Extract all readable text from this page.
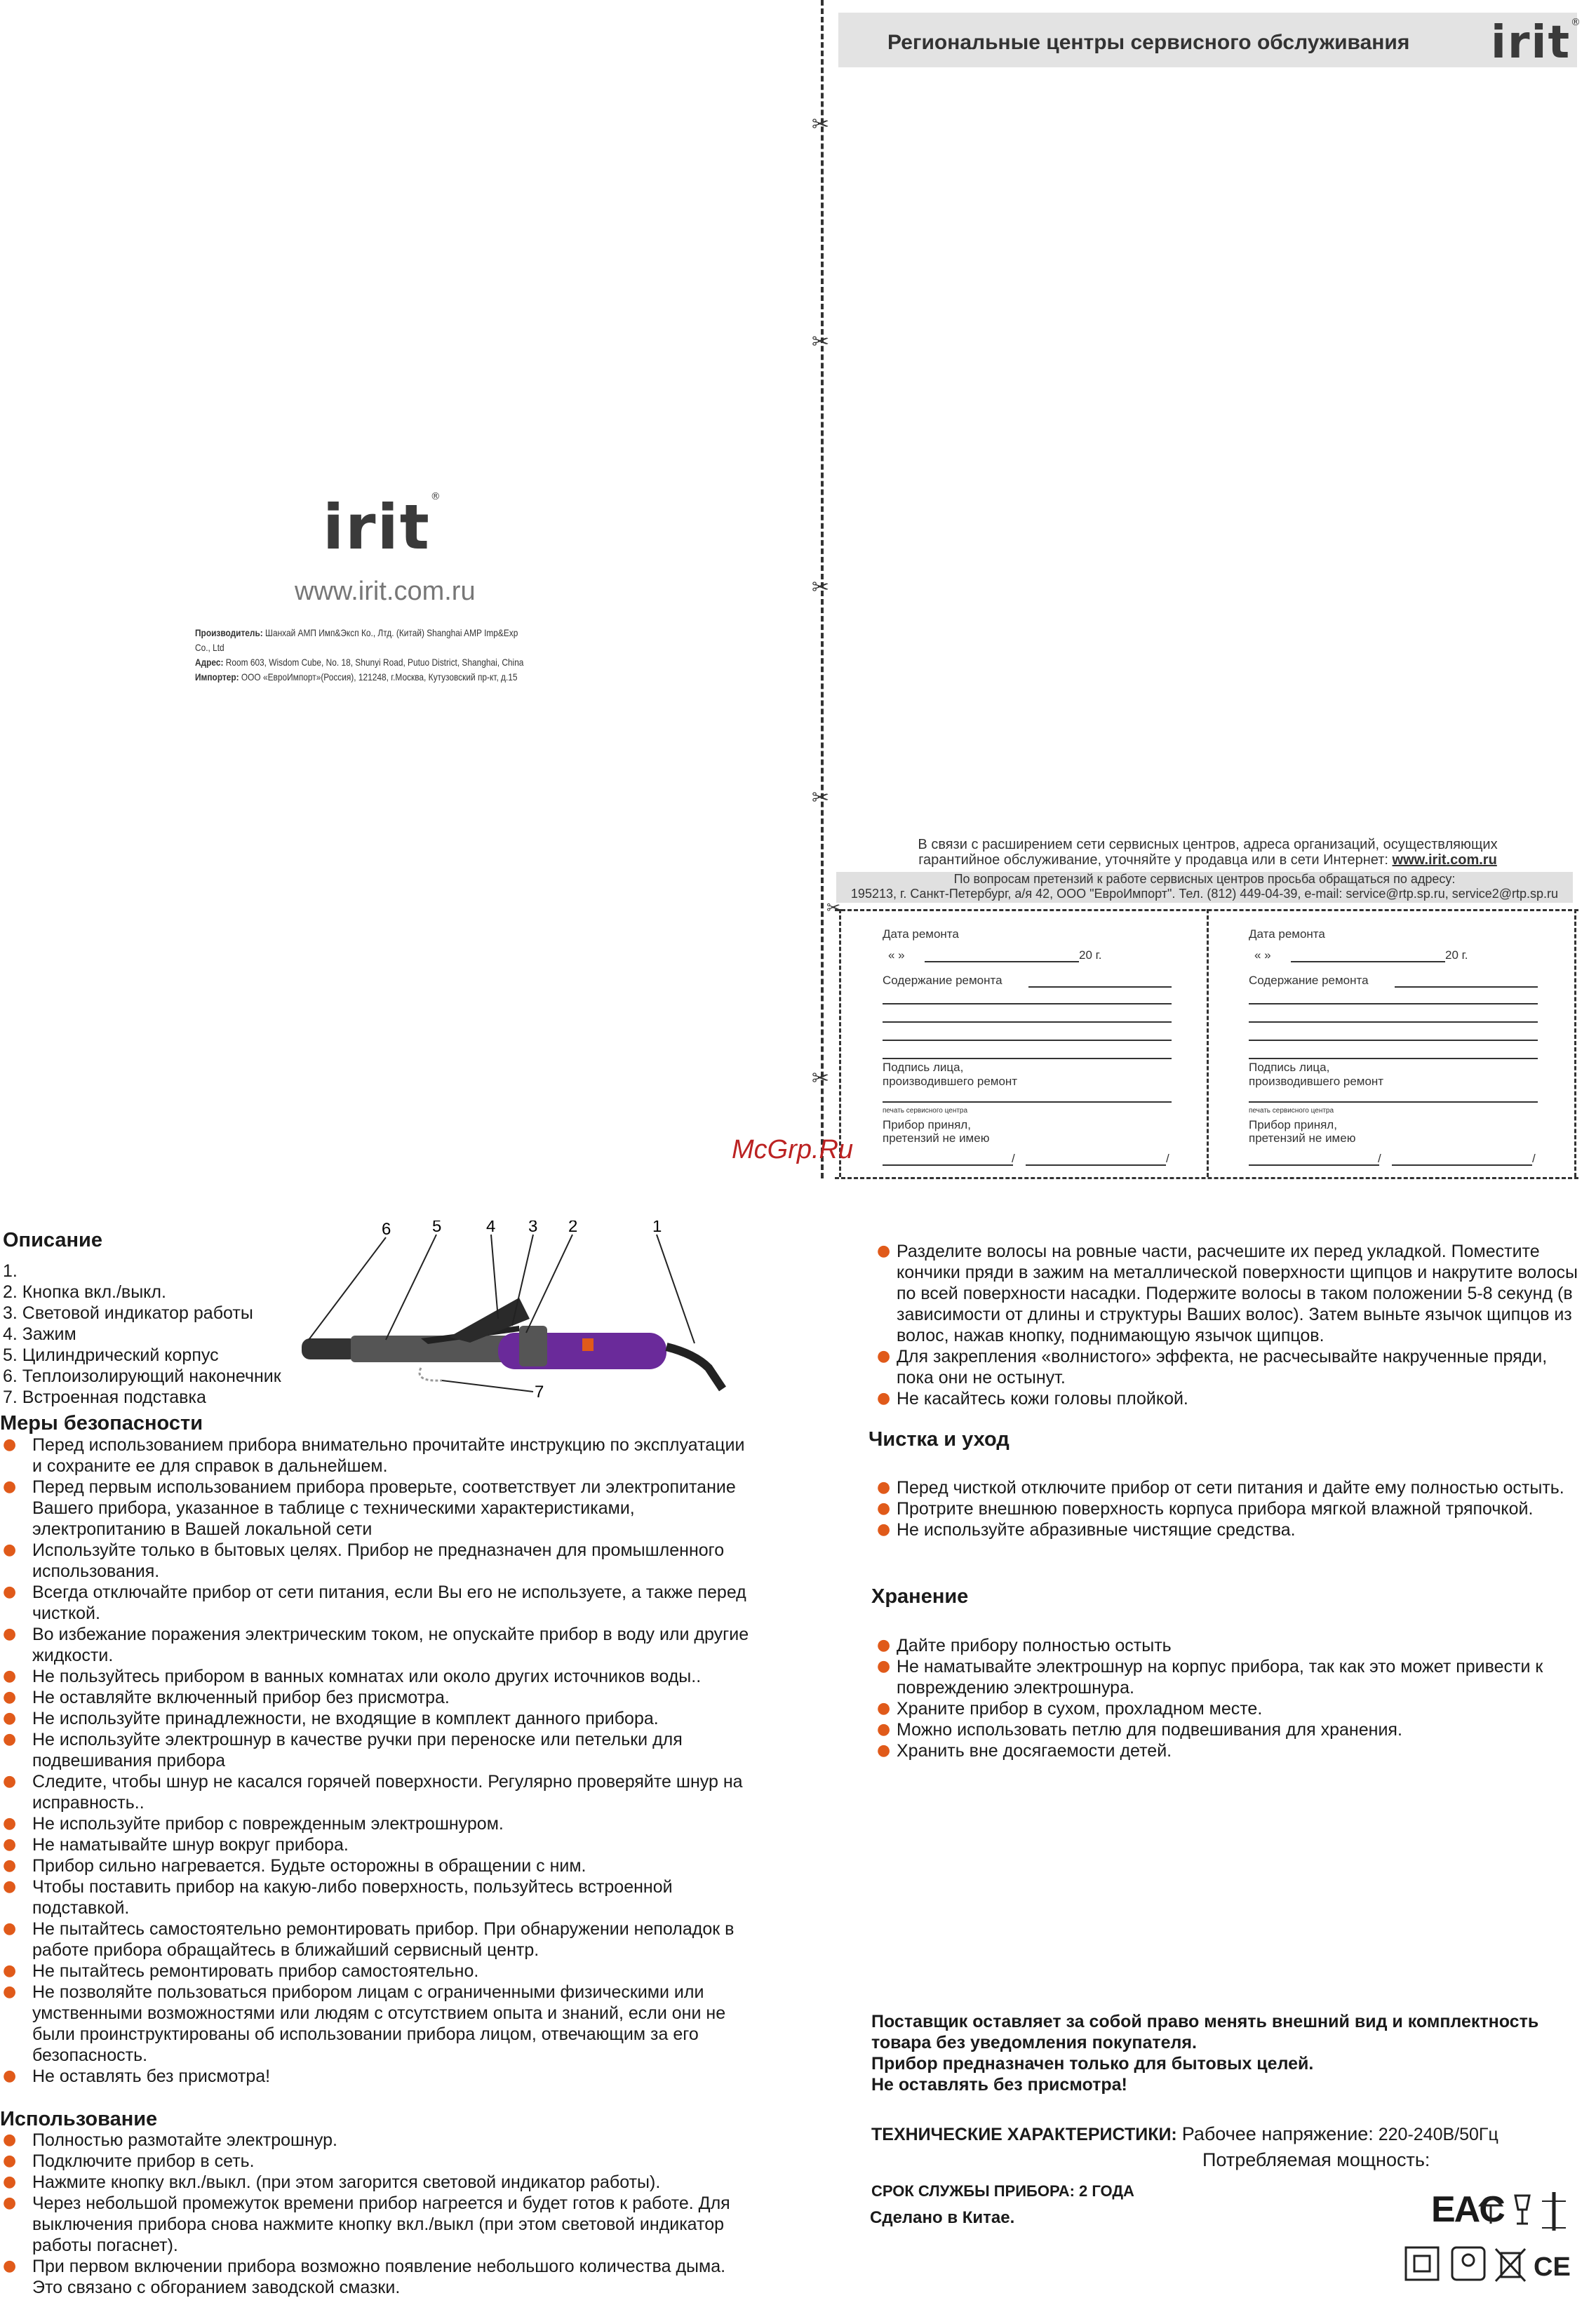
Региональные центры сервисного обслуживания irit®
✂
✂
✂
✂
✂
irit®
www.irit.com.ru
Производитель: Шанхай АМП Имп&Эксп Ко., Лтд. (Китай) Shanghai AMP Imp&Exp Co., Ltd
Адрес: Room 603, Wisdom Cube, No. 18, Shunyi Road, Putuo District, Shanghai, China
Импортер: ООО «ЕвроИмпорт»(Россия), 121248, г.Москва, Кутузовский пр-кт, д.15
В связи с расширением сети сервисных центров, адреса организаций, осуществляющих
гарантийное обслуживание, уточняйте у продавца или в сети Интернет: www.irit.com.ru
По вопросам претензий к работе сервисных центров просьба обращаться по адресу:
195213, г. Санкт-Петербург, а/я 42, ООО "ЕвроИмпорт". Тел. (812) 449-04-39, e-mail: service@rtp.sp.ru, service2@rtp.sp.ru
✂
Дата ремонта
« »	20 г.
Содержание ремонта
Подпись лица,
производившего ремонт
печать сервисного центра
Прибор принял,
претензий не имею
/	/
Дата ремонта
« »	20 г.
Содержание ремонта
Подпись лица,
производившего ремонт
печать сервисного центра
Прибор принял,
претензий не имею
/	/
McGrp.Ru
Описание
1.
2. Кнопка вкл./выкл.
3. Световой индикатор работы
4. Зажим
5. Цилиндрический корпус
6. Теплоизолирующий наконечник
7. Встроенная подставка
6 5	4 3 2	1
7
Меры безопасности
● Перед использованием прибора внимательно прочитайте инструкцию по эксплуатации и сохраните ее для справок в дальнейшем.
● Перед первым использованием прибора проверьте, соответствует ли электропитание Вашего прибора, указанное в таблице с техническими характеристиками, электропитанию в Вашей локальной сети
● Используйте только в бытовых целях. Прибор не предназначен для промышленного использования.
● Всегда отключайте прибор от сети питания, если Вы его не используете, а также перед чисткой.
● Во избежание поражения электрическим током, не опускайте прибор в воду или другие жидкости.
● Не пользуйтесь прибором в ванных комнатах или около других источников воды..
● Не оставляйте включенный прибор без присмотра.
● Не используйте принадлежности, не входящие в комплект данного прибора.
● Не используйте электрошнур в качестве ручки при переноске или петельки для подвешивания прибора
● Следите, чтобы шнур не касался горячей поверхности. Регулярно проверяйте шнур на исправность..
● Не используйте прибор с поврежденным электрошнуром.
● Не наматывайте шнур вокруг прибора.
● Прибор сильно нагревается. Будьте осторожны в обращении с ним.
● Чтобы поставить прибор на какую-либо поверхность, пользуйтесь встроенной подставкой.
● Не пытайтесь самостоятельно ремонтировать прибор. При обнаружении неполадок в работе прибора обращайтесь в ближайший сервисный центр.
● Не пытайтесь ремонтировать прибор самостоятельно.
● Не позволяйте пользоваться прибором лицам с ограниченными физическими или умственными возможностями или людям с отсутствием опыта и знаний, если они не были проинструктированы об использовании прибора лицом, отвечающим за его безопасность.
● Не оставлять без присмотра!
Использование
● Полностью размотайте электрошнур.
● Подключите прибор в сеть.
● Нажмите кнопку вкл./выкл. (при этом загорится световой индикатор работы).
● Через небольшой промежуток времени прибор нагреется и будет готов к работе. Для выключения прибора снова нажмите кнопку вкл./выкл (при этом световой индикатор работы погаснет).
● При первом включении прибора возможно появление небольшого количества дыма. Это связано с обгоранием заводской смазки.
● Разделите волосы на ровные части, расчешите их перед укладкой. Поместите кончики пряди в зажим на металлической поверхности щипцов и накрутите волосы по всей поверхности насадки. Подержите волосы в таком положении 5-8 секунд (в зависимости от длины и структуры Ваших волос). Затем выньте язычок щипцов из волос, нажав кнопку, поднимающую язычок щипцов.
● Для закрепления «волнистого» эффекта, не расчесывайте накрученные пряди, пока они не остынут.
● Не касайтесь кожи головы плойкой.
Чистка и уход
● Перед чисткой отключите прибор от сети питания и дайте ему полностью остыть.
● Протрите внешнюю поверхность корпуса прибора мягкой влажной тряпочкой.
● Не используйте абразивные чистящие средства.
Хранение
● Дайте прибору полностью остыть
● Не наматывайте электрошнур на корпус прибора, так как это может привести к повреждению электрошнура.
● Храните прибор в сухом, прохладном месте.
● Можно использовать петлю для подвешивания для хранения.
● Хранить вне досягаемости детей.
Поставщик оставляет за собой право менять внешний вид и комплектность
товара без уведомления покупателя.
Прибор предназначен только для бытовых целей.
Не оставлять без присмотра!
ТЕХНИЧЕСКИЕ ХАРАКТЕРИСТИКИ: Рабочее напряжение: 220-240В/50Гц
Потребляемая мощность:
СРОК СЛУЖБЫ ПРИБОРА: 2 ГОДА
Сделано в Китае.	EAC
CE
